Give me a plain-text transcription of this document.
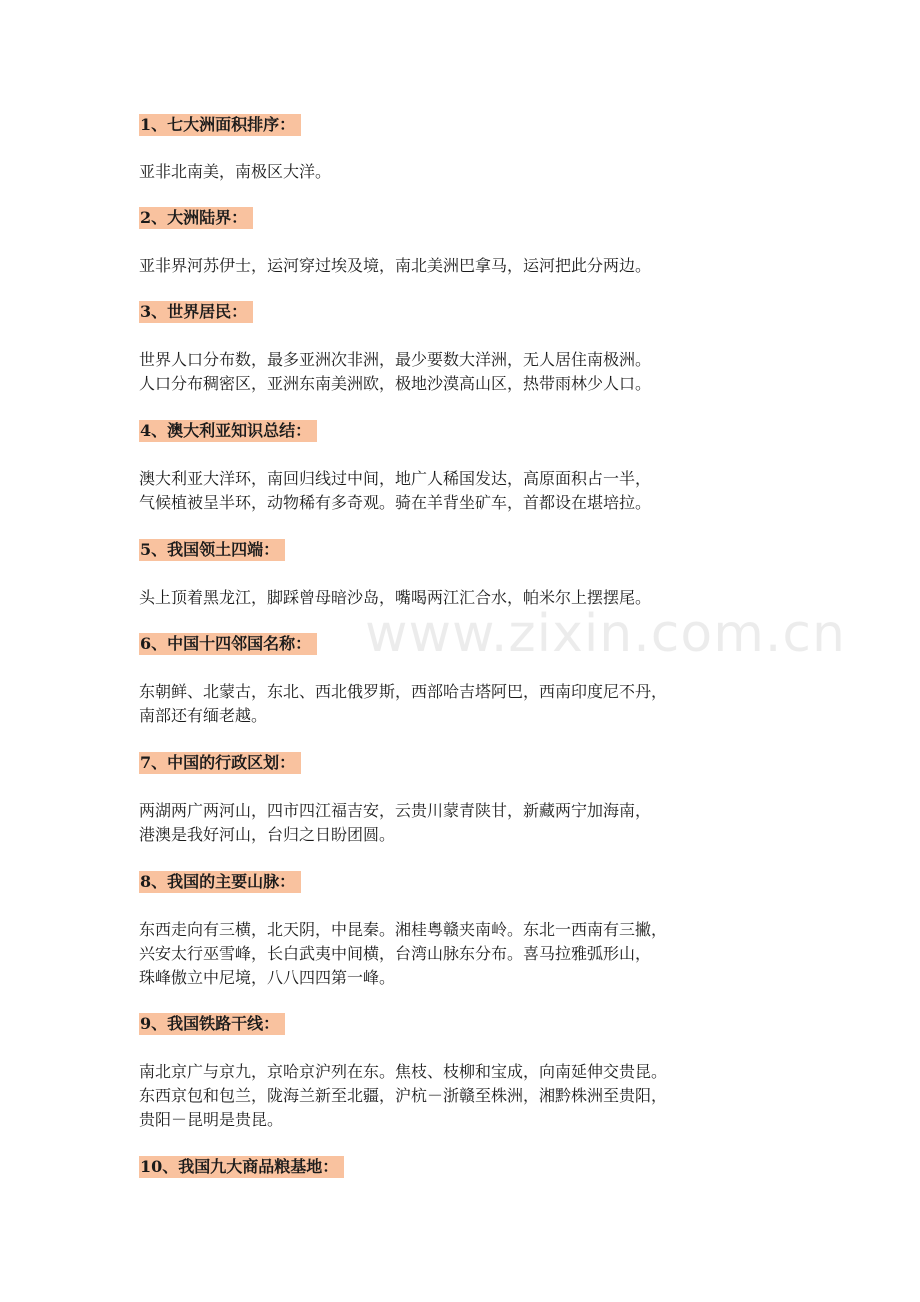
www.zixin.com.cn
1、七大洲面积排序：
亚非北南美，南极区大洋。
2、大洲陆界：
亚非界河苏伊士，运河穿过埃及境，南北美洲巴拿马，运河把此分两边。
3、世界居民：
世界人口分布数，最多亚洲次非洲，最少要数大洋洲，无人居住南极洲。
人口分布稠密区，亚洲东南美洲欧，极地沙漠高山区，热带雨林少人口。
4、澳大利亚知识总结：
澳大利亚大洋环，南回归线过中间，地广人稀国发达，高原面积占一半，
气候植被呈半环，动物稀有多奇观。骑在羊背坐矿车，首都设在堪培拉。
5、我国领土四端：
头上顶着黑龙江，脚踩曾母暗沙岛，嘴喝两江汇合水，帕米尔上摆摆尾。
6、中国十四邻国名称：
东朝鲜、北蒙古，东北、西北俄罗斯，西部哈吉塔阿巴，西南印度尼不丹，
南部还有缅老越。
7、中国的行政区划：
两湖两广两河山，四市四江福吉安，云贵川蒙青陕甘，新藏两宁加海南，
港澳是我好河山，台归之日盼团圆。
8、我国的主要山脉：
东西走向有三横，北天阴，中昆秦。湘桂粤赣夹南岭。东北一西南有三撇，
兴安太行巫雪峰，长白武夷中间横，台湾山脉东分布。喜马拉雅弧形山，
珠峰傲立中尼境，八八四四第一峰。
9、我国铁路干线：
南北京广与京九，京哈京沪列在东。焦枝、枝柳和宝成，向南延伸交贵昆。
东西京包和包兰，陇海兰新至北疆，沪杭－浙赣至株洲，湘黔株洲至贵阳，
贵阳－昆明是贵昆。
10、我国九大商品粮基地：
